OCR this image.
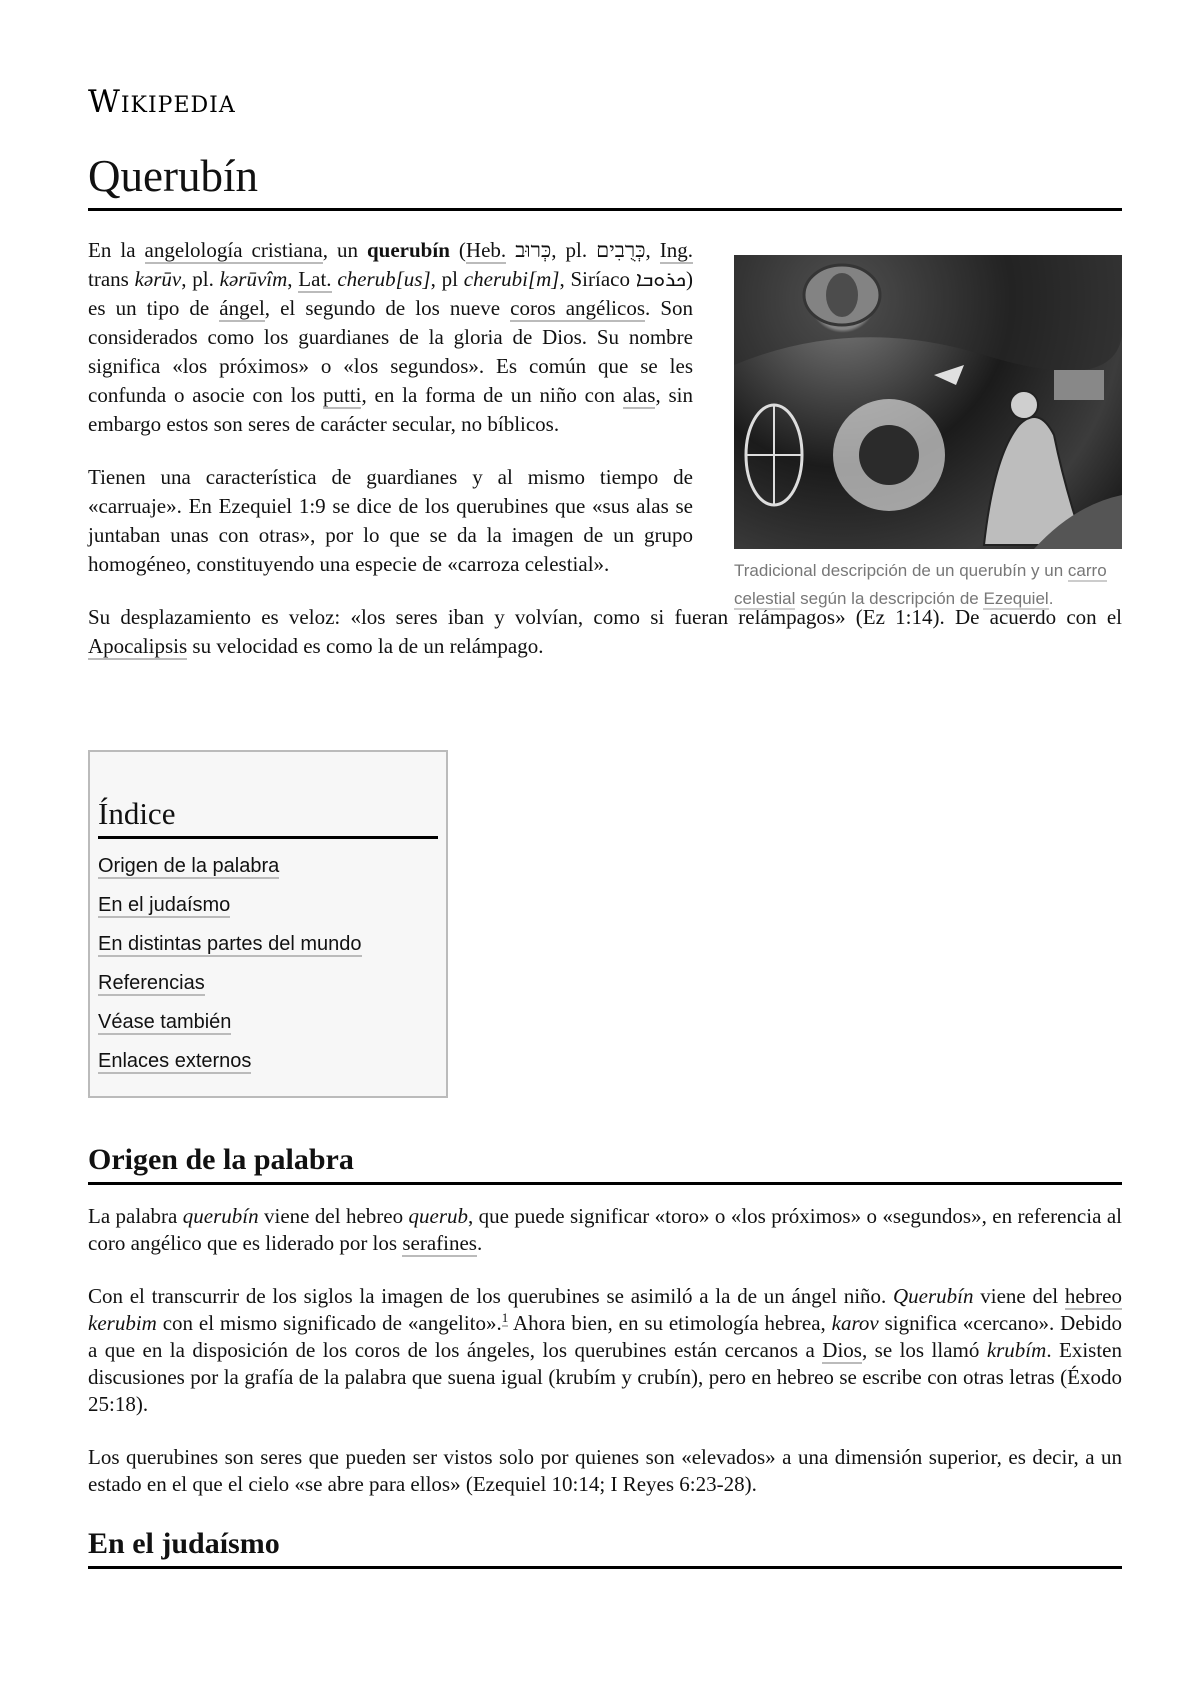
Wikipedia
Querubín
Tradicional descripción de un querubín y un carro celestial según la descripción de Ezequiel.

En la angelología cristiana, un querubín (Heb. כְּרוּב, pl. כְּרֻבִים, Ing. trans kərūv, pl. kərūvîm, Lat. cherub[us], pl cherubi[m], Siríaco ܟܪܘܒܐ) es un tipo de ángel, el segundo de los nueve coros angélicos. Son considerados como los guardianes de la gloria de Dios. Su nombre significa «los próximos» o «los segundos». Es común que se les confunda o asocie con los putti, en la forma de un niño con alas, sin embargo estos son seres de carácter secular, no bíblicos.

Tienen una característica de guardianes y al mismo tiempo de «carruaje». En Ezequiel 1:9 se dice de los querubines que «sus alas se juntaban unas con otras», por lo que se da la imagen de un grupo homogéneo, constituyendo una especie de «carroza celestial».

Su desplazamiento es veloz: «los seres iban y volvían, como si fueran relámpagos» (Ez 1:14). De acuerdo con el Apocalipsis su velocidad es como la de un relámpago.

Índice
Origen de la palabra
En el judaísmo
En distintas partes del mundo
Referencias
Véase también
Enlaces externos
Origen de la palabra

La palabra querubín viene del hebreo querub, que puede significar «toro» o «los próximos» o «segundos», en referencia al coro angélico que es liderado por los serafines.

Con el transcurrir de los siglos la imagen de los querubines se asimiló a la de un ángel niño. Querubín viene del hebreo kerubim con el mismo significado de «angelito».$^1$ Ahora bien, en su etimología hebrea, karov significa «cercano». Debido a que en la disposición de los coros de los ángeles, los querubines están cercanos a Dios, se los llamó krubím. Existen discusiones por la grafía de la palabra que suena igual (krubím y crubín), pero en hebreo se escribe con otras letras (Éxodo 25:18).

Los querubines son seres que pueden ser vistos solo por quienes son «elevados» a una dimensión superior, es decir, a un estado en el que el cielo «se abre para ellos» (Ezequiel 10:14; I Reyes 6:23-28).

En el judaísmo
